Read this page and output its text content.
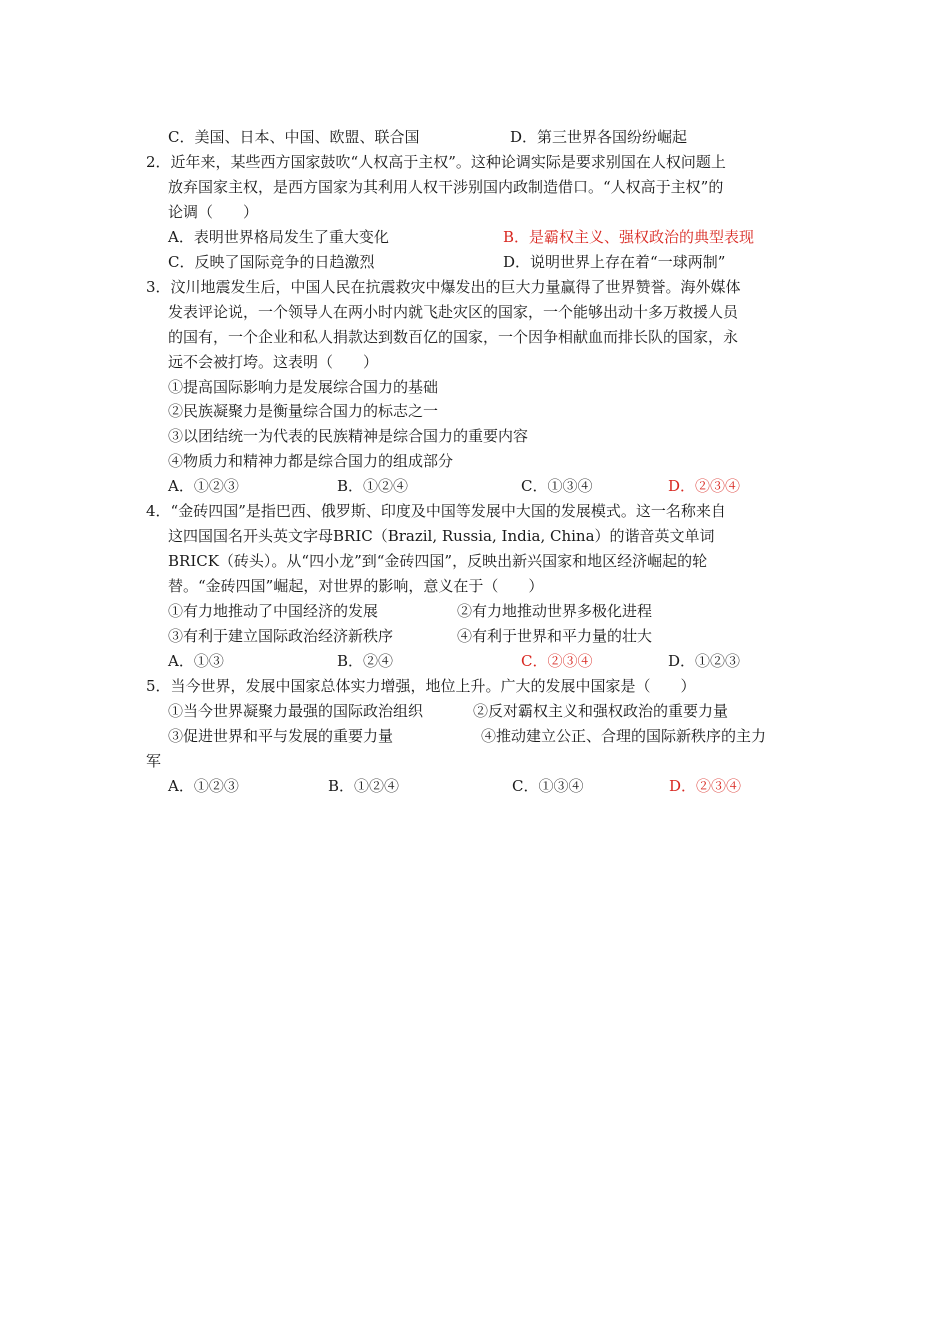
C．美国、日本、中国、欧盟、联合国	D．第三世界各国纷纷崛起
2．近年来，某些西方国家鼓吹“人权高于主权”。这种论调实际是要求别国在人权问题上
放弃国家主权，是西方国家为其利用人权干涉别国内政制造借口。“人权高于主权”的
论调（　　）
A．表明世界格局发生了重大变化	B．是霸权主义、强权政治的典型表现
C．反映了国际竞争的日趋激烈	D．说明世界上存在着“一球两制”
3．汶川地震发生后，中国人民在抗震救灾中爆发出的巨大力量赢得了世界赞誉。海外媒体
发表评论说，一个领导人在两小时内就飞赴灾区的国家，一个能够出动十多万救援人员
的国有，一个企业和私人捐款达到数百亿的国家，一个因争相献血而排长队的国家，永
远不会被打垮。这表明（　　）
①提高国际影响力是发展综合国力的基础
②民族凝聚力是衡量综合国力的标志之一
③以团结统一为代表的民族精神是综合国力的重要内容
④物质力和精神力都是综合国力的组成部分
A．①②③	B．①②④	C．①③④	D．②③④
4．“金砖四国”是指巴西、俄罗斯、印度及中国等发展中大国的发展模式。这一名称来自
这四国国名开头英文字母BRIC（Brazil, Russia, India, China）的谐音英文单词
BRICK（砖头）。从“四小龙”到“金砖四国”，反映出新兴国家和地区经济崛起的轮
替。“金砖四国”崛起，对世界的影响，意义在于（　　）
①有力地推动了中国经济的发展	②有力地推动世界多极化进程
③有利于建立国际政治经济新秩序	④有利于世界和平力量的壮大
A．①③	B．②④	C．②③④	D．①②③
5．当今世界，发展中国家总体实力增强，地位上升。广大的发展中国家是（　　）
①当今世界凝聚力最强的国际政治组织	②反对霸权主义和强权政治的重要力量
③促进世界和平与发展的重要力量	④推动建立公正、合理的国际新秩序的主力
军
A．①②③	B．①②④	C．①③④	D．②③④
